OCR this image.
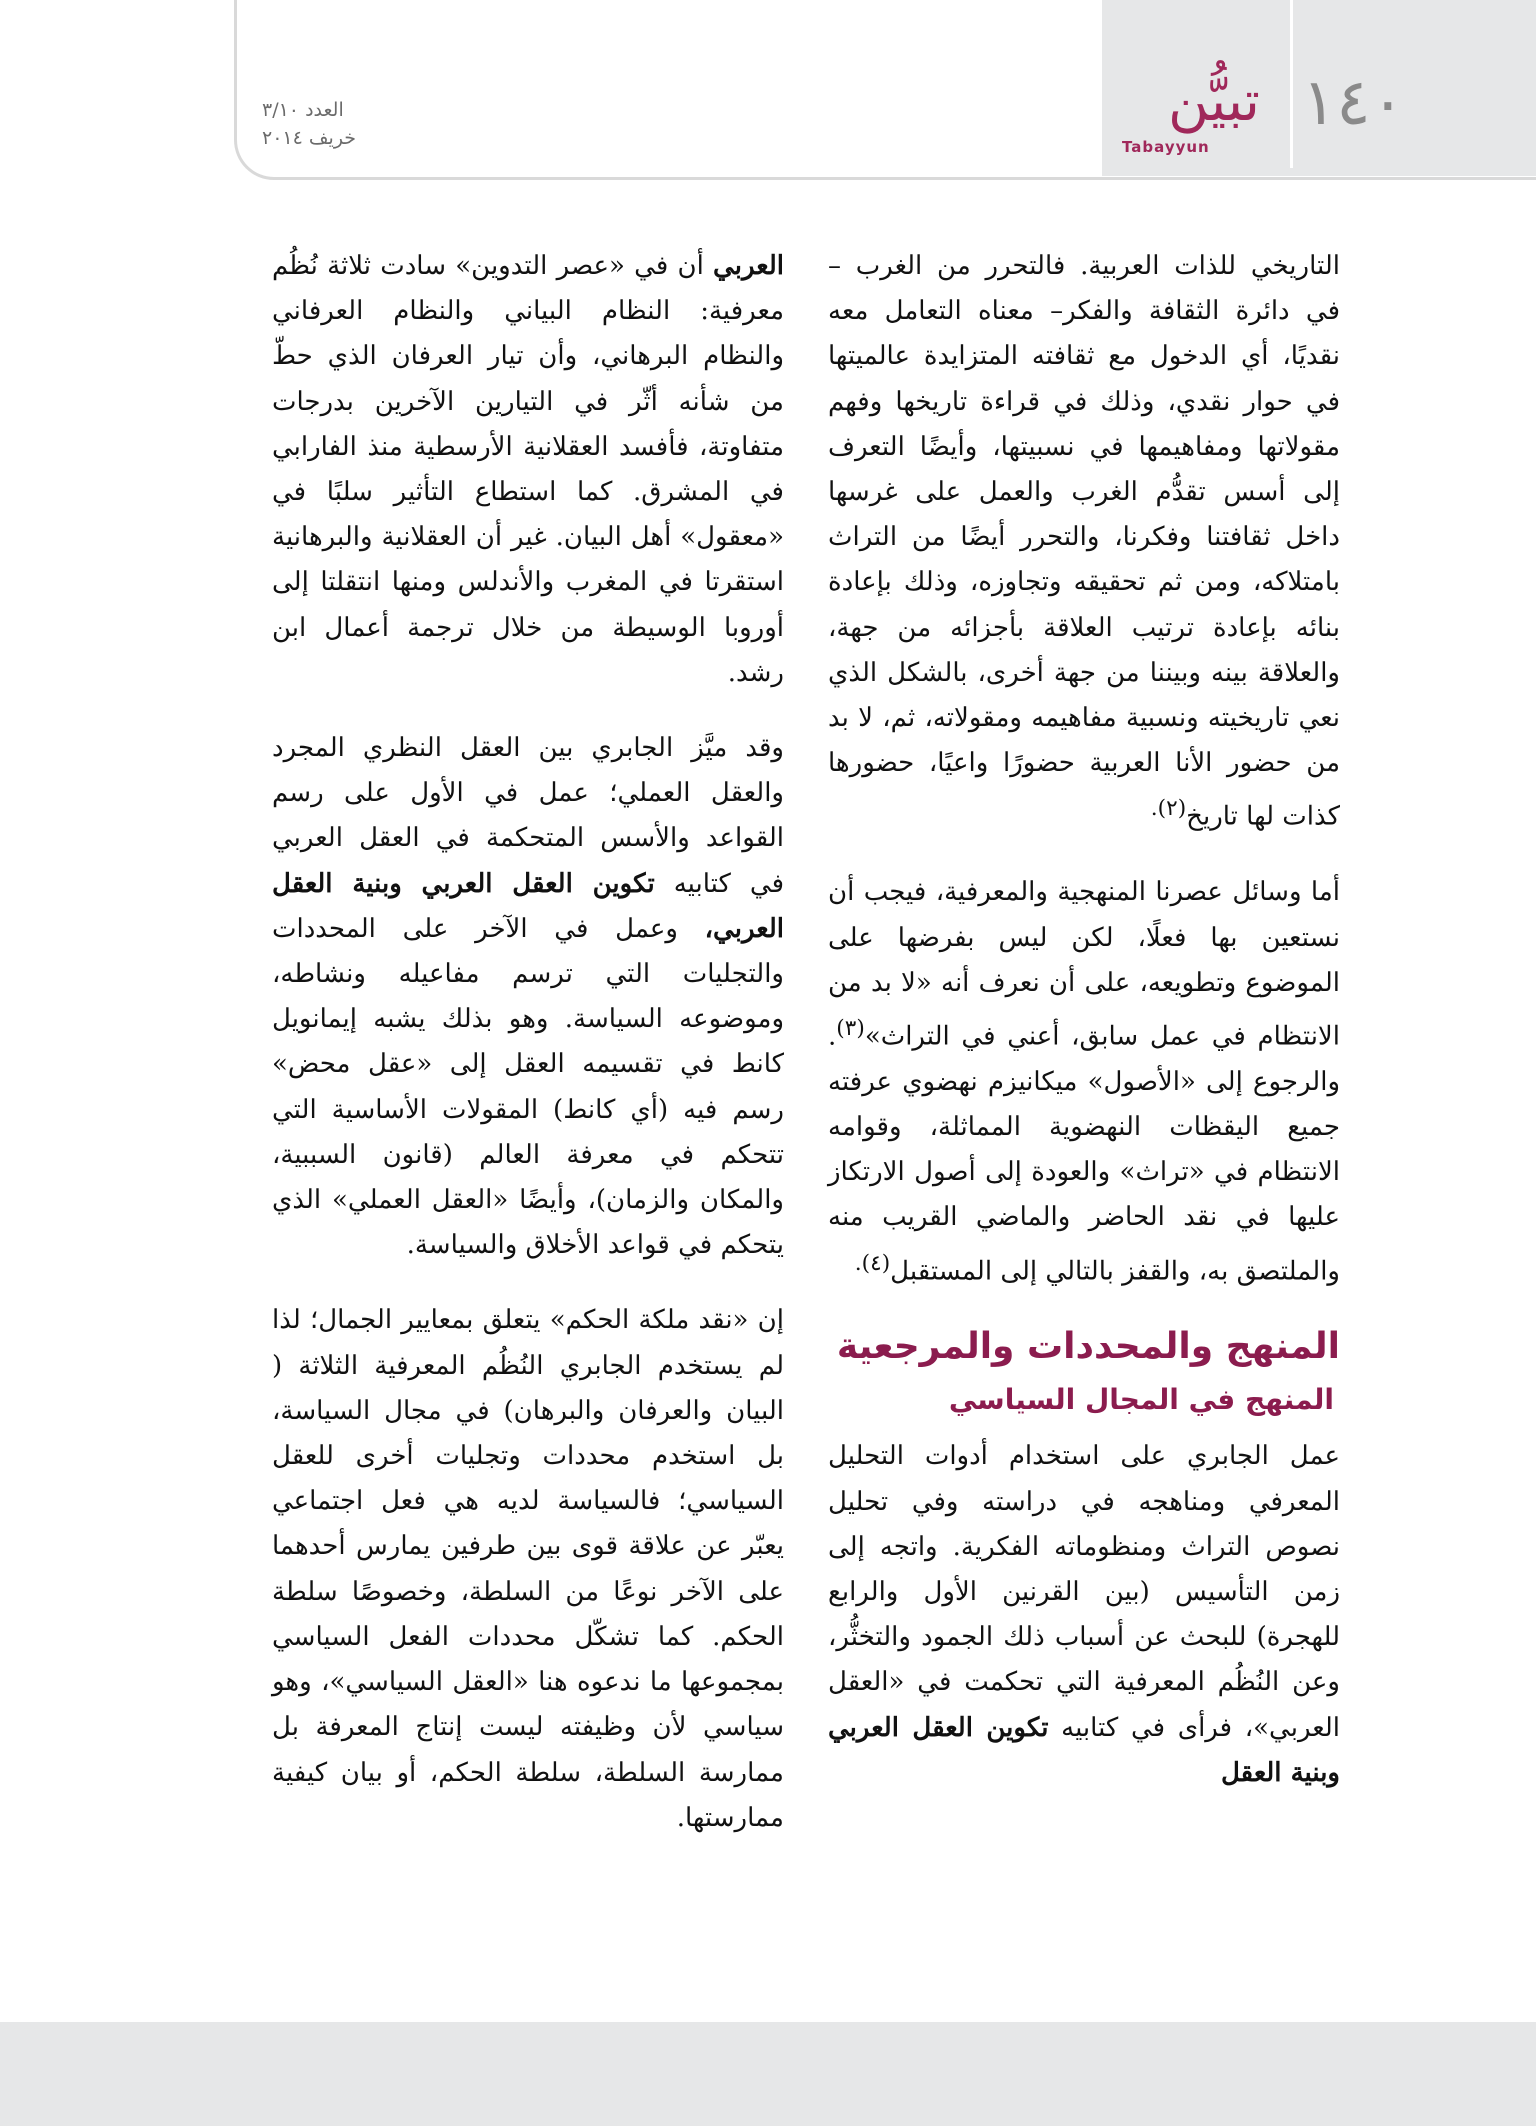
١٤٠
تبيُّن
Tabayyun
العدد ٣/١٠
خريف ٢٠١٤

التاريخي للذات العربية. فالتحرر من الغرب – في دائرة الثقافة والفكر– معناه التعامل معه نقديًا، أي الدخول مع ثقافته المتزايدة عالميتها في حوار نقدي، وذلك في قراءة تاريخها وفهم مقولاتها ومفاهيمها في نسبيتها، وأيضًا التعرف إلى أسس تقدُّم الغرب والعمل على غرسها داخل ثقافتنا وفكرنا، والتحرر أيضًا من التراث بامتلاكه، ومن ثم تحقيقه وتجاوزه، وذلك بإعادة بنائه بإعادة ترتيب العلاقة بأجزائه من جهة، والعلاقة بينه وبيننا من جهة أخرى، بالشكل الذي نعي تاريخيته ونسبية مفاهيمه ومقولاته، ثم، لا بد من حضور الأنا العربية حضورًا واعيًا، حضورها كذات لها تاريخ$^{(٢).}$

أما وسائل عصرنا المنهجية والمعرفية، فيجب أن نستعين بها فعلًا، لكن ليس بفرضها على الموضوع وتطويعه، على أن نعرف أنه «لا بد من الانتظام في عمل سابق، أعني في التراث»$^{(٣)}$. والرجوع إلى «الأصول» ميكانيزم نهضوي عرفته جميع اليقظات النهضوية المماثلة، وقوامه الانتظام في «تراث» والعودة إلى أصول الارتكاز عليها في نقد الحاضر والماضي القريب منه والملتصق به، والقفز بالتالي إلى المستقبل$^{(٤).}$

المنهج والمحددات والمرجعية
المنهج في المجال السياسي

عمل الجابري على استخدام أدوات التحليل المعرفي ومناهجه في دراسته وفي تحليل نصوص التراث ومنظوماته الفكرية. واتجه إلى زمن التأسيس (بين القرنين الأول والرابع للهجرة) للبحث عن أسباب ذلك الجمود والتخثُّر، وعن النُظُم المعرفية التي تحكمت في «العقل العربي»، فرأى في كتابيه تكوين العقل العربي وبنية العقل

العربي أن في «عصر التدوين» سادت ثلاثة نُظُم معرفية: النظام البياني والنظام العرفاني والنظام البرهاني، وأن تيار العرفان الذي حطّ من شأنه أثّر في التيارين الآخرين بدرجات متفاوتة، فأفسد العقلانية الأرسطية منذ الفارابي في المشرق. كما استطاع التأثير سلبًا في «معقول» أهل البيان. غير أن العقلانية والبرهانية استقرتا في المغرب والأندلس ومنها انتقلتا إلى أوروبا الوسيطة من خلال ترجمة أعمال ابن رشد.

وقد ميَّز الجابري بين العقل النظري المجرد والعقل العملي؛ عمل في الأول على رسم القواعد والأسس المتحكمة في العقل العربي في كتابيه تكوين العقل العربي وبنية العقل العربي، وعمل في الآخر على المحددات والتجليات التي ترسم مفاعيله ونشاطه، وموضوعه السياسة. وهو بذلك يشبه إيمانويل كانط في تقسيمه العقل إلى «عقل محض» رسم فيه (أي كانط) المقولات الأساسية التي تتحكم في معرفة العالم (قانون السببية، والمكان والزمان)، وأيضًا «العقل العملي» الذي يتحكم في قواعد الأخلاق والسياسة.

إن «نقد ملكة الحكم» يتعلق بمعايير الجمال؛ لذا لم يستخدم الجابري النُظُم المعرفية الثلاثة ( البيان والعرفان والبرهان) في مجال السياسة، بل استخدم محددات وتجليات أخرى للعقل السياسي؛ فالسياسة لديه هي فعل اجتماعي يعبّر عن علاقة قوى بين طرفين يمارس أحدهما على الآخر نوعًا من السلطة، وخصوصًا سلطة الحكم. كما تشكّل محددات الفعل السياسي بمجموعها ما ندعوه هنا «العقل السياسي»، وهو سياسي لأن وظيفته ليست إنتاج المعرفة بل ممارسة السلطة، سلطة الحكم، أو بيان كيفية ممارستها.
